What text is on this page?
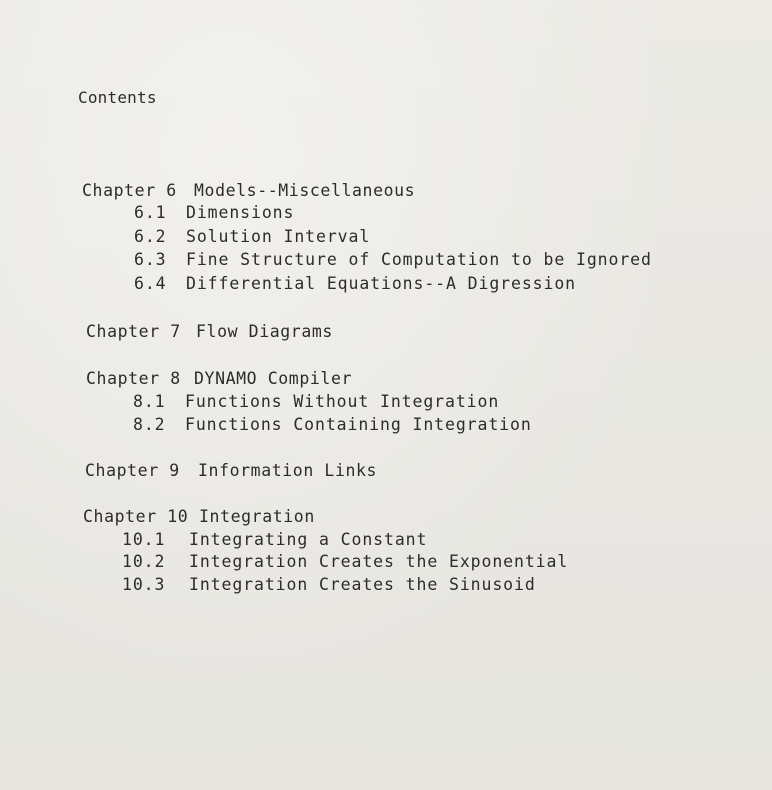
Contents
Chapter 6 Models--Miscellaneous
6.1 Dimensions
6.2 Solution Interval
6.3 Fine Structure of Computation to be Ignored
6.4 Differential Equations--A Digression
Chapter 7 Flow Diagrams
Chapter 8 DYNAMO Compiler
8.1 Functions Without Integration
8.2 Functions Containing Integration
Chapter 9 Information Links
Chapter 10 Integration
10.1 Integrating a Constant
10.2 Integration Creates the Exponential
10.3 Integration Creates the Sinusoid
